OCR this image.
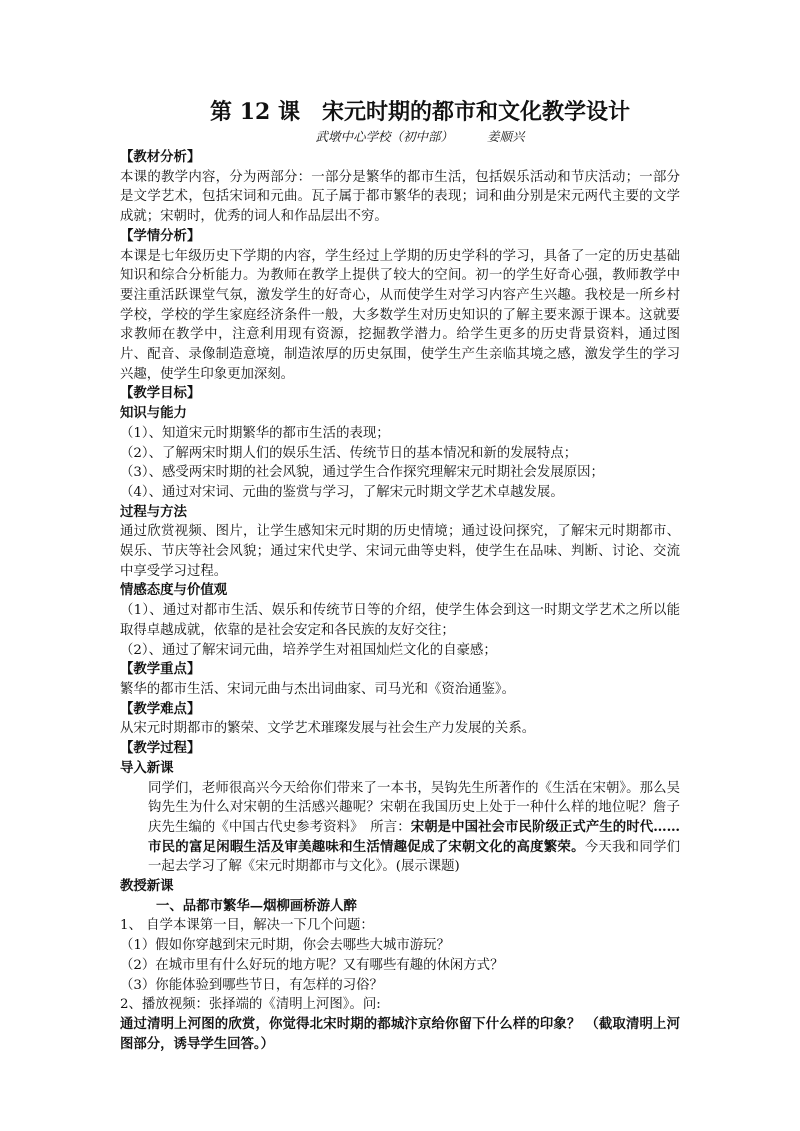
第 12 课　宋元时期的都市和文化教学设计
武墩中心学校（初中部）	姜顺兴
【教材分析】

本课的教学内容，分为两部分：一部分是繁华的都市生活，包括娱乐活动和节庆活动；一部分是文学艺术，包括宋词和元曲。瓦子属于都市繁华的表现；词和曲分别是宋元两代主要的文学成就；宋朝时，优秀的词人和作品层出不穷。

【学情分析】

本课是七年级历史下学期的内容，学生经过上学期的历史学科的学习，具备了一定的历史基础知识和综合分析能力。为教师在教学上提供了较大的空间。初一的学生好奇心强，教师教学中要注重活跃课堂气氛，激发学生的好奇心，从而使学生对学习内容产生兴趣。我校是一所乡村学校，学校的学生家庭经济条件一般，大多数学生对历史知识的了解主要来源于课本。这就要求教师在教学中，注意利用现有资源，挖掘教学潜力。给学生更多的历史背景资料，通过图片、配音、录像制造意境，制造浓厚的历史氛围，使学生产生亲临其境之感，激发学生的学习兴趣，使学生印象更加深刻。

【教学目标】
知识与能力

（1）、知道宋元时期繁华的都市生活的表现；

（2）、了解两宋时期人们的娱乐生活、传统节日的基本情况和新的发展特点；

（3）、感受两宋时期的社会风貌，通过学生合作探究理解宋元时期社会发展原因；

（4）、通过对宋词、元曲的鉴赏与学习，了解宋元时期文学艺术卓越发展。

过程与方法

通过欣赏视频、图片，让学生感知宋元时期的历史情境；通过设问探究，了解宋元时期都市、娱乐、节庆等社会风貌；通过宋代史学、宋词元曲等史料，使学生在品味、判断、讨论、交流中享受学习过程。

情感态度与价值观

（1）、通过对都市生活、娱乐和传统节日等的介绍，使学生体会到这一时期文学艺术之所以能取得卓越成就，依靠的是社会安定和各民族的友好交往；

（2）、通过了解宋词元曲，培养学生对祖国灿烂文化的自豪感；

【教学重点】

繁华的都市生活、宋词元曲与杰出词曲家、司马光和《资治通鉴》。

【教学难点】

从宋元时期都市的繁荣、文学艺术璀璨发展与社会生产力发展的关系。

【教学过程】
导入新课

同学们，老师很高兴今天给你们带来了一本书，吴钩先生所著作的《生活在宋朝》。那么吴钩先生为什么对宋朝的生活感兴趣呢？宋朝在我国历史上处于一种什么样的地位呢？詹子庆先生编的《中国古代史参考资料》　所言：宋朝是中国社会市民阶级正式产生的时代……市民的富足闲暇生活及审美趣味和生活情趣促成了宋朝文化的高度繁荣。今天我和同学们一起去学习了解《宋元时期都市与文化》。(展示课题)

教授新课
一、品都市繁华—烟柳画桥游人醉

1、 自学本课第一目，解决一下几个问题：

（1）假如你穿越到宋元时期，你会去哪些大城市游玩？

（2）在城市里有什么好玩的地方呢？又有哪些有趣的休闲方式？

（3）你能体验到哪些节日，有怎样的习俗？

2、播放视频：张择端的《清明上河图》。问:

通过清明上河图的欣赏，你觉得北宋时期的都城汴京给你留下什么样的印象？ （截取清明上河图部分，诱导学生回答。）
